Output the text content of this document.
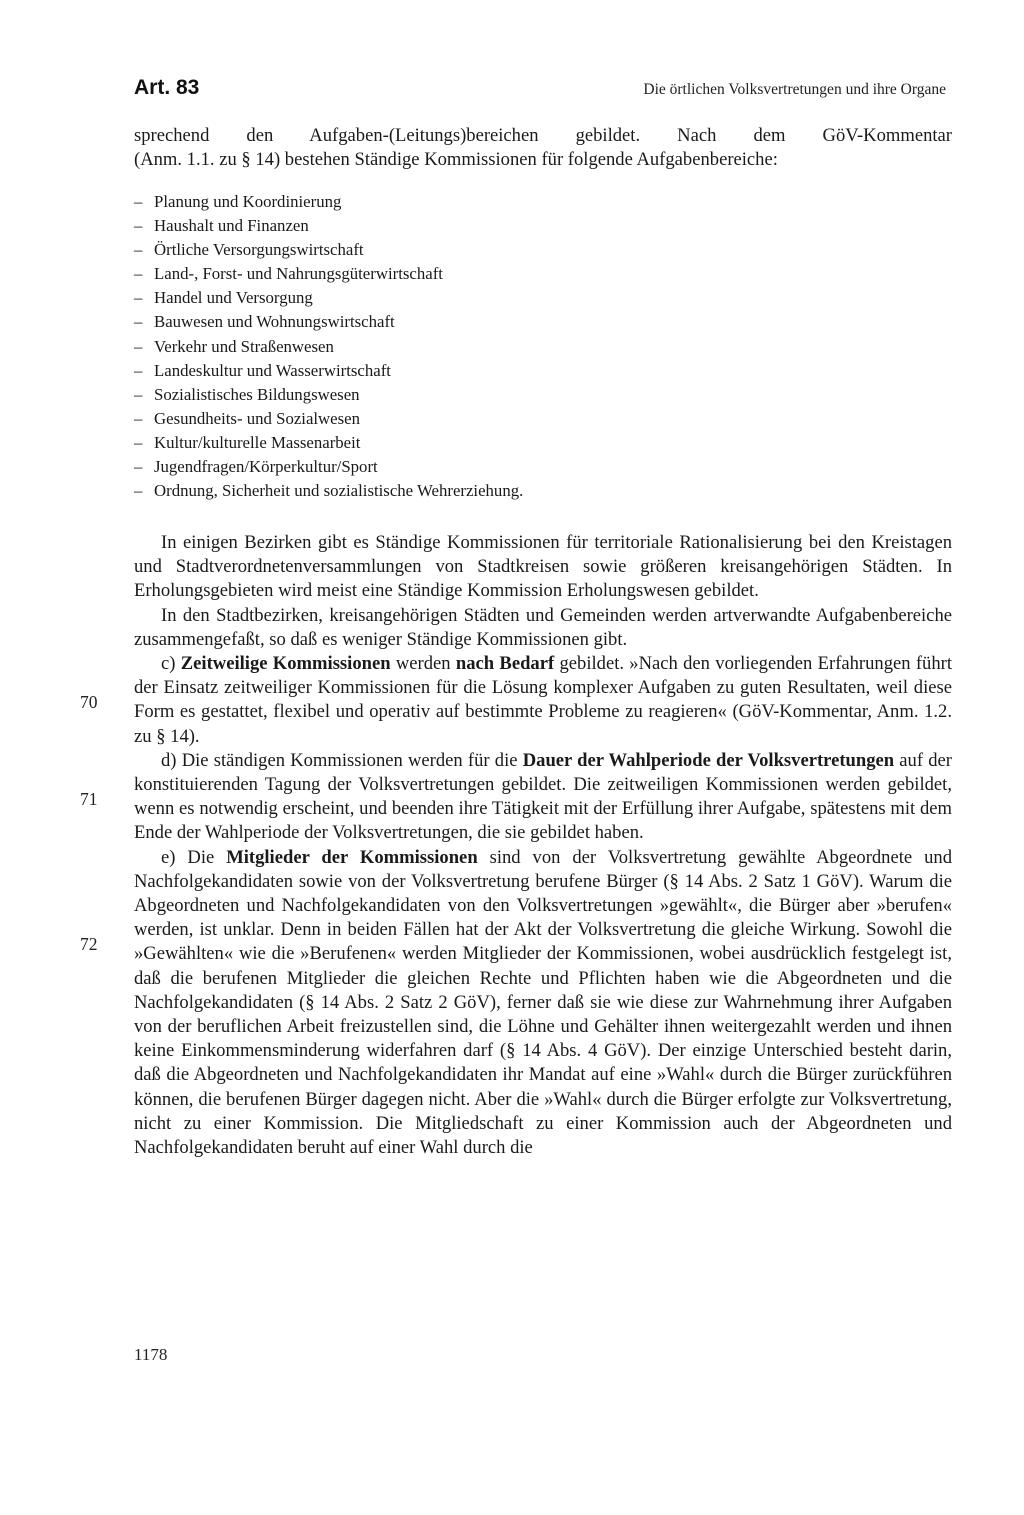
Art. 83	Die örtlichen Volksvertretungen und ihre Organe
sprechend den Aufgaben-(Leitungs)bereichen gebildet. Nach dem GöV-Kommentar
(Anm. 1.1. zu § 14) bestehen Ständige Kommissionen für folgende Aufgabenbereiche:
– Planung und Koordinierung
– Haushalt und Finanzen
– Örtliche Versorgungswirtschaft
– Land-, Forst- und Nahrungsgüterwirtschaft
– Handel und Versorgung
– Bauwesen und Wohnungswirtschaft
– Verkehr und Straßenwesen
– Landeskultur und Wasserwirtschaft
– Sozialistisches Bildungswesen
– Gesundheits- und Sozialwesen
– Kultur/kulturelle Massenarbeit
– Jugendfragen/Körperkultur/Sport
– Ordnung, Sicherheit und sozialistische Wehrerziehung.

In einigen Bezirken gibt es Ständige Kommissionen für territoriale Rationalisierung bei den Kreistagen und Stadtverordnetenversammlungen von Stadtkreisen sowie größeren kreisangehörigen Städten. In Erholungsgebieten wird meist eine Ständige Kommission Erholungswesen gebildet.

In den Stadtbezirken, kreisangehörigen Städten und Gemeinden werden artverwandte Aufgabenbereiche zusammengefaßt, so daß es weniger Ständige Kommissionen gibt.

c) Zeitweilige Kommissionen werden nach Bedarf gebildet. »Nach den vorliegenden Erfahrungen führt der Einsatz zeitweiliger Kommissionen für die Lösung komplexer Aufgaben zu guten Resultaten, weil diese Form es gestattet, flexibel und operativ auf bestimmte Probleme zu reagieren« (GöV-Kommentar, Anm. 1.2. zu § 14).

d) Die ständigen Kommissionen werden für die Dauer der Wahlperiode der Volksvertretungen auf der konstituierenden Tagung der Volksvertretungen gebildet. Die zeitweiligen Kommissionen werden gebildet, wenn es notwendig erscheint, und beenden ihre Tätigkeit mit der Erfüllung ihrer Aufgabe, spätestens mit dem Ende der Wahlperiode der Volksvertretungen, die sie gebildet haben.

e) Die Mitglieder der Kommissionen sind von der Volksvertretung gewählte Abgeordnete und Nachfolgekandidaten sowie von der Volksvertretung berufene Bürger (§ 14 Abs. 2 Satz 1 GöV). Warum die Abgeordneten und Nachfolgekandidaten von den Volksvertretungen »gewählt«, die Bürger aber »berufen« werden, ist unklar. Denn in beiden Fällen hat der Akt der Volksvertretung die gleiche Wirkung. Sowohl die »Gewählten« wie die »Berufenen« werden Mitglieder der Kommissionen, wobei ausdrücklich festgelegt ist, daß die berufenen Mitglieder die gleichen Rechte und Pflichten haben wie die Abgeordneten und die Nachfolgekandidaten (§ 14 Abs. 2 Satz 2 GöV), ferner daß sie wie diese zur Wahrnehmung ihrer Aufgaben von der beruflichen Arbeit freizustellen sind, die Löhne und Gehälter ihnen weitergezahlt werden und ihnen keine Einkommensminderung widerfahren darf (§ 14 Abs. 4 GöV). Der einzige Unterschied besteht darin, daß die Abgeordneten und Nachfolgekandidaten ihr Mandat auf eine »Wahl« durch die Bürger zurückführen können, die berufenen Bürger dagegen nicht. Aber die »Wahl« durch die Bürger erfolgte zur Volksvertretung, nicht zu einer Kommission. Die Mitgliedschaft zu einer Kommission auch der Abgeordneten und Nachfolgekandidaten beruht auf einer Wahl durch die

70
71
72
1178
